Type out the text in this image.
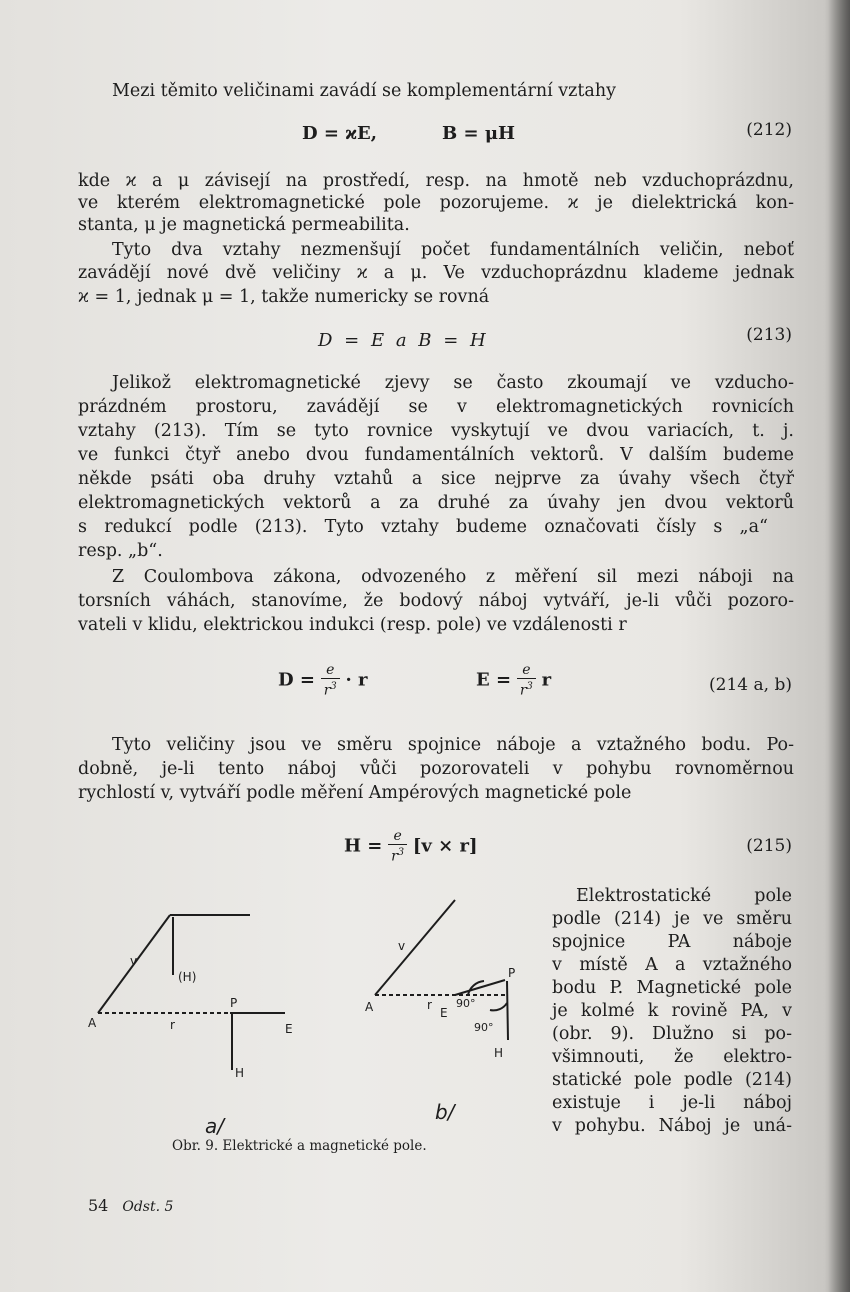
Mezi těmito veličinami zavádí se komplementární vztahy
D = ϰE,	B = μH	(212)
kde ϰ a μ závisejí na prostředí, resp. na hmotě neb vzduchoprázdnu,
ve kterém elektromagnetické pole pozorujeme. ϰ je dielektrická kon-
stanta, μ je magnetická permeabilita.
Tyto dva vztahy nezmenšují počet fundamentálních veličin, neboť
zavádějí nové dvě veličiny ϰ a μ. Ve vzduchoprázdnu klademe jednak
ϰ = 1, jednak μ = 1, takže numericky se rovná
D = E a B = H	(213)
Jelikož elektromagnetické zjevy se často zkoumají ve vzducho-
prázdném prostoru, zavádějí se v elektromagnetických rovnicích
vztahy (213). Tím se tyto rovnice vyskytují ve dvou variacích, t. j.
ve funkci čtyř anebo dvou fundamentálních vektorů. V dalším budeme
někde psáti oba druhy vztahů a sice nejprve za úvahy všech čtyř
elektromagnetických vektorů a za druhé za úvahy jen dvou vektorů
s redukcí podle (213). Tyto vztahy budeme označovati čísly s „a“
resp. „b“.
Z Coulombova zákona, odvozeného z měření sil mezi náboji na
torsních váhách, stanovíme, že bodový náboj vytváří, je-li vůči pozoro-
vateli v klidu, elektrickou indukci (resp. pole) ve vzdálenosti r
$D = \frac{e}{r^3} \cdot r$	$E = \frac{e}{r^3}$ r	(214 a, b)
Tyto veličiny jsou ve směru spojnice náboje a vztažného bodu. Po-
dobně, je-li tento náboj vůči pozorovateli v pohybu rovnoměrnou
rychlostí v, vytváří podle měření Ampérových magnetické pole
$H = \frac{e}{r^3} [v \times r]$	(215)
Elektrostatické pole
podle (214) je ve směru
spojnice PA náboje
v místě A a vztažného
bodu P. Magnetické pole
je kolmé k rovině PA, v
(obr. 9). Dlužno si po-
všimnouti, že elektro-
statické pole podle (214)
existuje i je-li náboj
v pohybu. Náboj je uná-
v
(H)
P
A	r	E
H
a/
v
P
A	r
E
90°
90°
H
b/
Obr. 9. Elektrické a magnetické pole.
54 Odst. 5
